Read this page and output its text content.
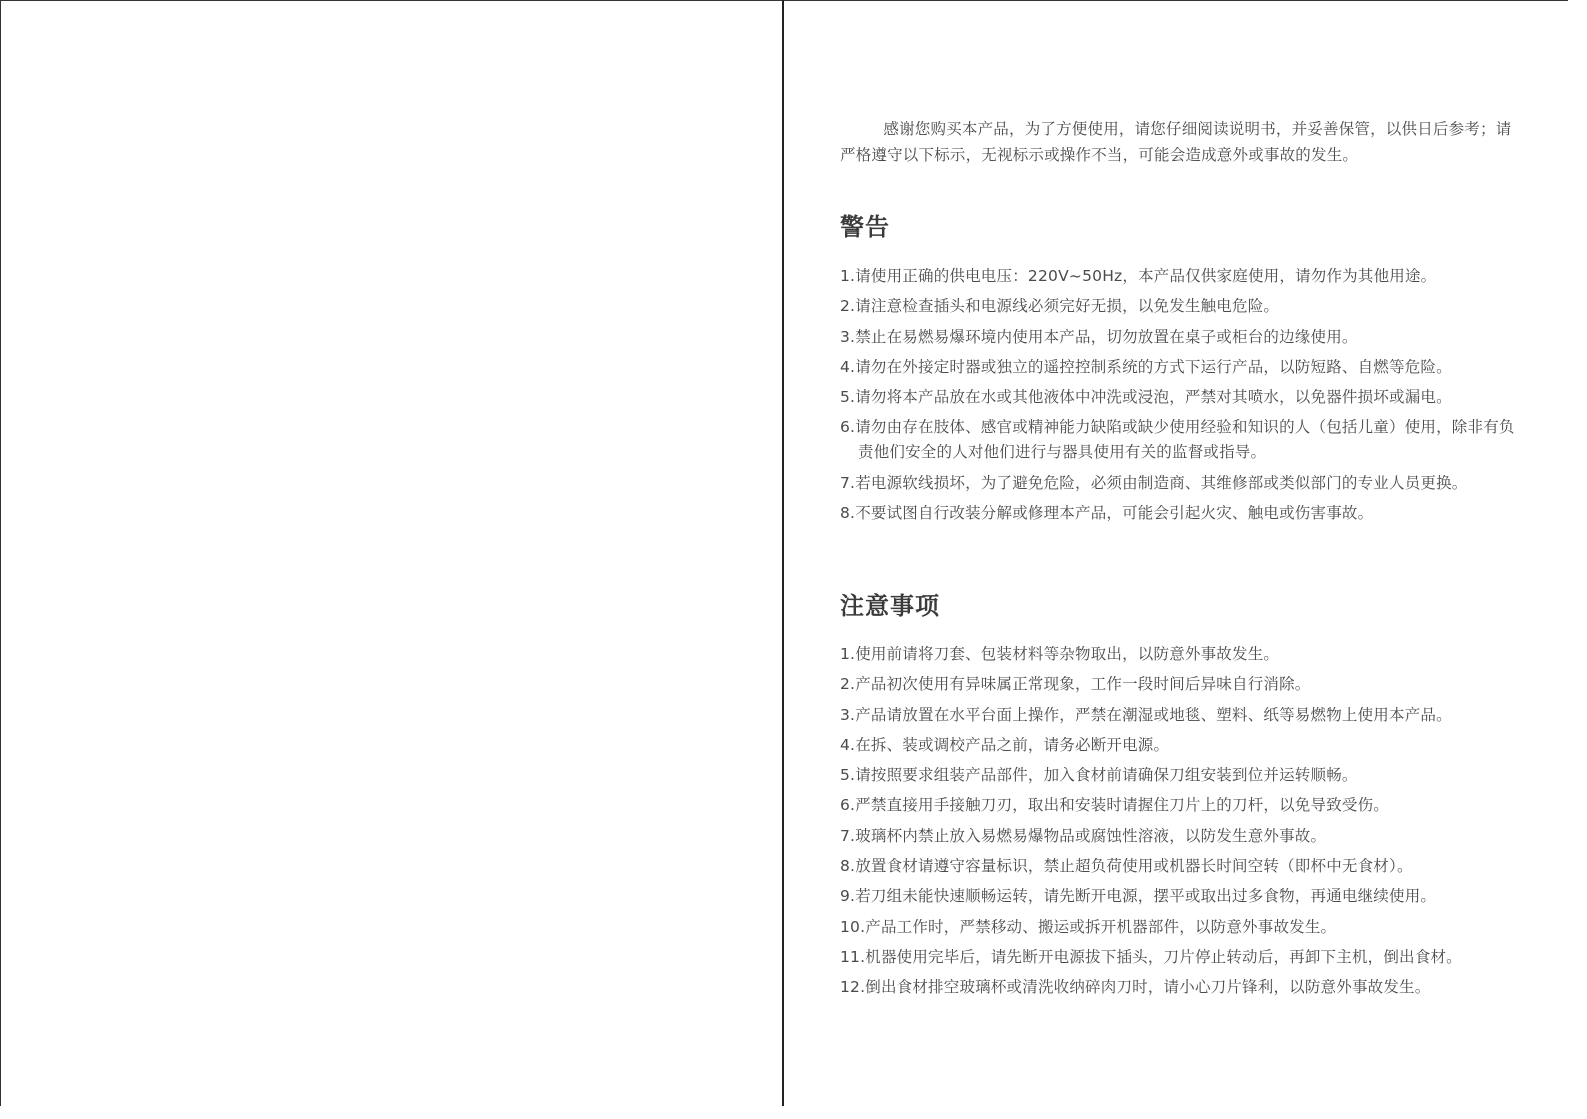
感谢您购买本产品，为了方便使用，请您仔细阅读说明书，并妥善保管，以供日后参考；请严格遵守以下标示，无视标示或操作不当，可能会造成意外或事故的发生。

警告
1.请使用正确的供电电压：220V~50Hz，本产品仅供家庭使用，请勿作为其他用途。
2.请注意检查插头和电源线必须完好无损，以免发生触电危险。
3.禁止在易燃易爆环境内使用本产品，切勿放置在桌子或柜台的边缘使用。
4.请勿在外接定时器或独立的遥控控制系统的方式下运行产品，以防短路、自燃等危险。
5.请勿将本产品放在水或其他液体中冲洗或浸泡，严禁对其喷水，以免器件损坏或漏电。
6.请勿由存在肢体、感官或精神能力缺陷或缺少使用经验和知识的人（包括儿童）使用，除非有负责他们安全的人对他们进行与器具使用有关的监督或指导。
7.若电源软线损坏，为了避免危险，必须由制造商、其维修部或类似部门的专业人员更换。
8.不要试图自行改装分解或修理本产品，可能会引起火灾、触电或伤害事故。
注意事项
1.使用前请将刀套、包装材料等杂物取出，以防意外事故发生。
2.产品初次使用有异味属正常现象，工作一段时间后异味自行消除。
3.产品请放置在水平台面上操作，严禁在潮湿或地毯、塑料、纸等易燃物上使用本产品。
4.在拆、装或调校产品之前，请务必断开电源。
5.请按照要求组装产品部件，加入食材前请确保刀组安装到位并运转顺畅。
6.严禁直接用手接触刀刃，取出和安装时请握住刀片上的刀杆，以免导致受伤。
7.玻璃杯内禁止放入易燃易爆物品或腐蚀性溶液，以防发生意外事故。
8.放置食材请遵守容量标识，禁止超负荷使用或机器长时间空转（即杯中无食材）。
9.若刀组未能快速顺畅运转，请先断开电源，摆平或取出过多食物，再通电继续使用。
10.产品工作时，严禁移动、搬运或拆开机器部件，以防意外事故发生。
11.机器使用完毕后，请先断开电源拔下插头，刀片停止转动后，再卸下主机，倒出食材。
12.倒出食材排空玻璃杯或清洗收纳碎肉刀时，请小心刀片锋利，以防意外事故发生。
